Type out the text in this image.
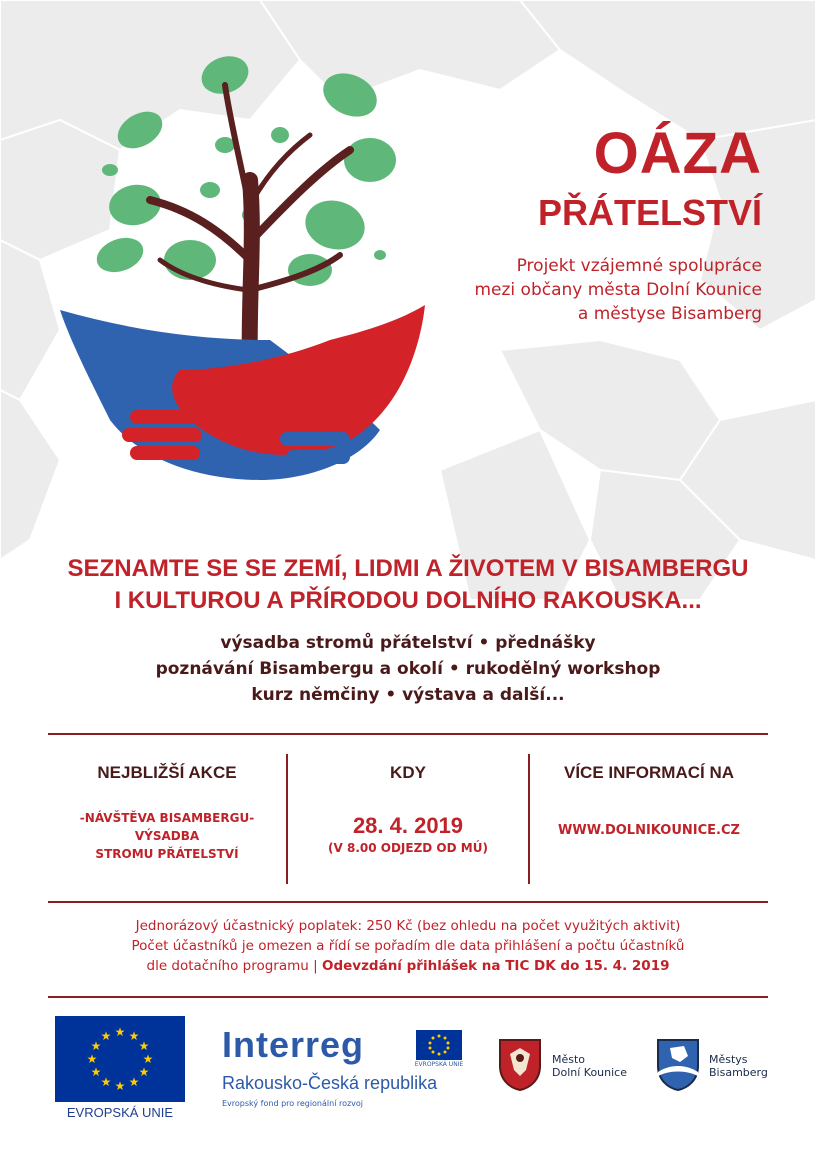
OÁZA
PŘÁTELSTVÍ
Projekt vzájemné spolupráce
mezi občany města Dolní Kounice
a městyse Bisamberg
SEZNAMTE SE SE ZEMÍ, LIDMI A ŽIVOTEM V BISAMBERGU
I KULTUROU A PŘÍRODOU DOLNÍHO RAKOUSKA...
výsadba stromů přátelství • přednášky
poznávání Bisambergu a okolí • rukodělný workshop
kurz němčiny • výstava a další...
NEJBLIŽŠÍ AKCE
-NÁVŠTĚVA BISAMBERGU-
VÝSADBA
STROMU PŘÁTELSTVÍ
KDY
28. 4. 2019
(V 8.00 ODJEZD OD MÚ)
VÍCE INFORMACÍ NA
WWW.DOLNIKOUNICE.CZ
Jednorázový účastnický poplatek: 250 Kč (bez ohledu na počet využitých aktivit)
Počet účastníků je omezen a řídí se pořadím dle data přihlášení a počtu účastníků
dle dotačního programu | Odevzdání přihlášek na TIC DK do 15. 4. 2019
★ ★
★
★
★
★
★
★
★
★
★
★
EVROPSKÁ UNIE
Interreg	EVROPSKÁ UNIE
Rakousko-Česká republika
Evropský fond pro regionální rozvoj
Město
Dolní Kounice
Městys
Bisamberg
